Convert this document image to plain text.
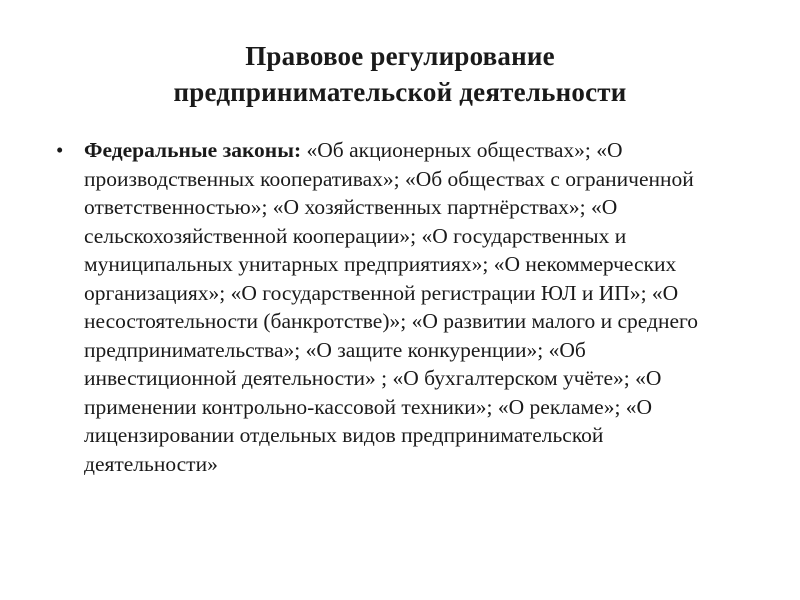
Правовое регулирование
предпринимательской деятельности
• Федеральные законы: «Об акционерных обществах»; «О производственных кооперативах»; «Об обществах с ограниченной ответственностью»; «О хозяйственных партнёрствах»; «О сельскохозяйственной кооперации»; «О государственных и муниципальных унитарных предприятиях»; «О некоммерческих организациях»; «О государственной регистрации ЮЛ и ИП»; «О несостоятельности (банкротстве)»; «О развитии малого и среднего предпринимательства»; «О защите конкуренции»; «Об инвестиционной деятельности» ; «О бухгалтерском учёте»; «О применении контрольно-кассовой техники»; «О рекламе»; «О лицензировании отдельных видов предпринимательской деятельности»
